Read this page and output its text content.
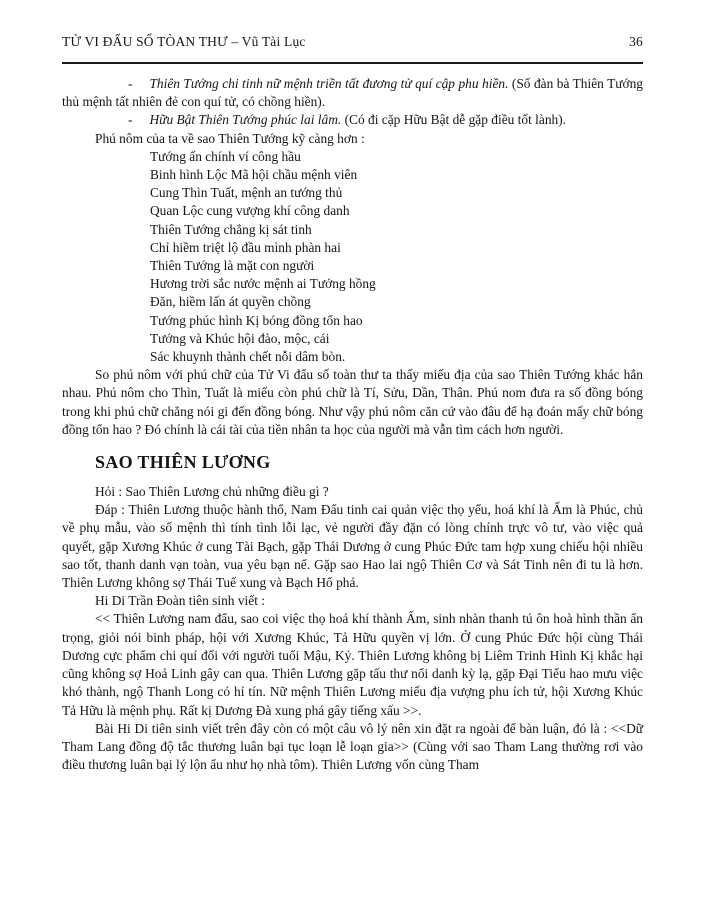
TỬ VI ĐẨU SỐ TÒAN THƯ – Vũ Tài Lục	36

- Thiên Tướng chi tinh nữ mệnh triền tất đương tử quí cập phu hiền. (Số đàn bà Thiên Tướng thủ mệnh tất nhiên đẻ con quí tử, có chồng hiền).

- Hữu Bật Thiên Tướng phúc lai lâm. (Có đi cặp Hữu Bật dễ gặp điều tốt lành).

Phú nôm của ta về sao Thiên Tướng kỹ càng hơn :

Tướng ấn chính ví công hầu
Binh hình Lộc Mã hội chầu mệnh viên
Cung Thìn Tuất, mệnh an tướng thủ
Quan Lộc cung vượng khí công danh
Thiên Tướng chẳng kị sát tinh
Chỉ hiềm triệt lộ đầu mình phàn hai
Thiên Tướng là mặt con người
Hương trời sắc nước mệnh ai Tướng hồng
Đăn, hiềm lấn át quyền chồng
Tướng phúc hình Kị bóng đồng tổn hao
Tướng và Khúc hội đào, mộc, cái
Sác khuynh thành chết nỗi dâm bòn.

So phú nôm với phú chữ của Tử Vi đẩu số toàn thư ta thấy miếu địa của sao Thiên Tướng khác hẳn nhau. Phú nôm cho Thìn, Tuất là miếu còn phú chữ là Tí, Sửu, Dần, Thân. Phú nom đưa ra số đồng bóng trong khi phú chữ chẳng nói gi đến đồng bóng. Như vậy phú nôm căn cứ vào đâu để hạ đoán mấy chữ bóng đồng tổn hao ? Đó chính là cái tài của tiền nhân ta học của người mà vẫn tìm cách hơn người.

SAO THIÊN LƯƠNG

Hỏi : Sao Thiên Lương chủ những điều gì ?

Đáp : Thiên Lương thuộc hành thổ, Nam Đẩu tinh cai quản việc thọ yểu, hoá khí là Ấm là Phúc, chủ về phụ mẫu, vào số mệnh thì tính tình lỗi lạc, vẻ người đầy đặn có lòng chính trực vô tư, vào việc quả quyết, gặp Xương Khúc ở cung Tài Bạch, gặp Thái Dương ở cung Phúc Đức tam hợp xung chiếu hội nhiều sao tốt, thanh danh vạn toàn, vua yêu bạn nể. Gặp sao Hao lai ngộ Thiên Cơ và Sát Tinh nên đi tu là hơn. Thiên Lương không sợ Thái Tuế xung và Bạch Hổ phá.

Hi Di Trần Đoàn tiên sinh viết :

<< Thiên Lương nam đẩu, sao coi việc thọ hoá khí thành Ấm, sinh nhàn thanh tú ôn hoà hình thần ẩn trọng, giỏi nói binh pháp, hội với Xương Khúc, Tả Hữu quyền vị lớn. Ở cung Phúc Đức hội cùng Thái Dương cực phẩm chi quí đối với người tuổi Mậu, Kỷ. Thiên Lương không bị Liêm Trinh Hình Kị khắc hại cũng không sợ Hoả Linh gây can qua. Thiên Lương gặp tấu thư nổi danh kỳ lạ, gặp Đại Tiểu hao mưu việc khó thành, ngộ Thanh Long có hỉ tín. Nữ mệnh Thiên Lương miếu địa vượng phu ích tử, hội Xương Khúc Tả Hữu là mệnh phụ. Rất kị Dương Đà xung phá gây tiếng xấu >>.

Bài Hi Di tiên sinh viết trên đây còn có một câu vô lý nên xin đặt ra ngoài để bàn luận, đó là : <<Dữ Tham Lang đồng độ tắc thương luân bại tục loạn lễ loạn gia>> (Cùng với sao Tham Lang thường rơi vào điều thương luân bại lý lộn ẩu như họ nhà tôm). Thiên Lương vốn cùng Tham
